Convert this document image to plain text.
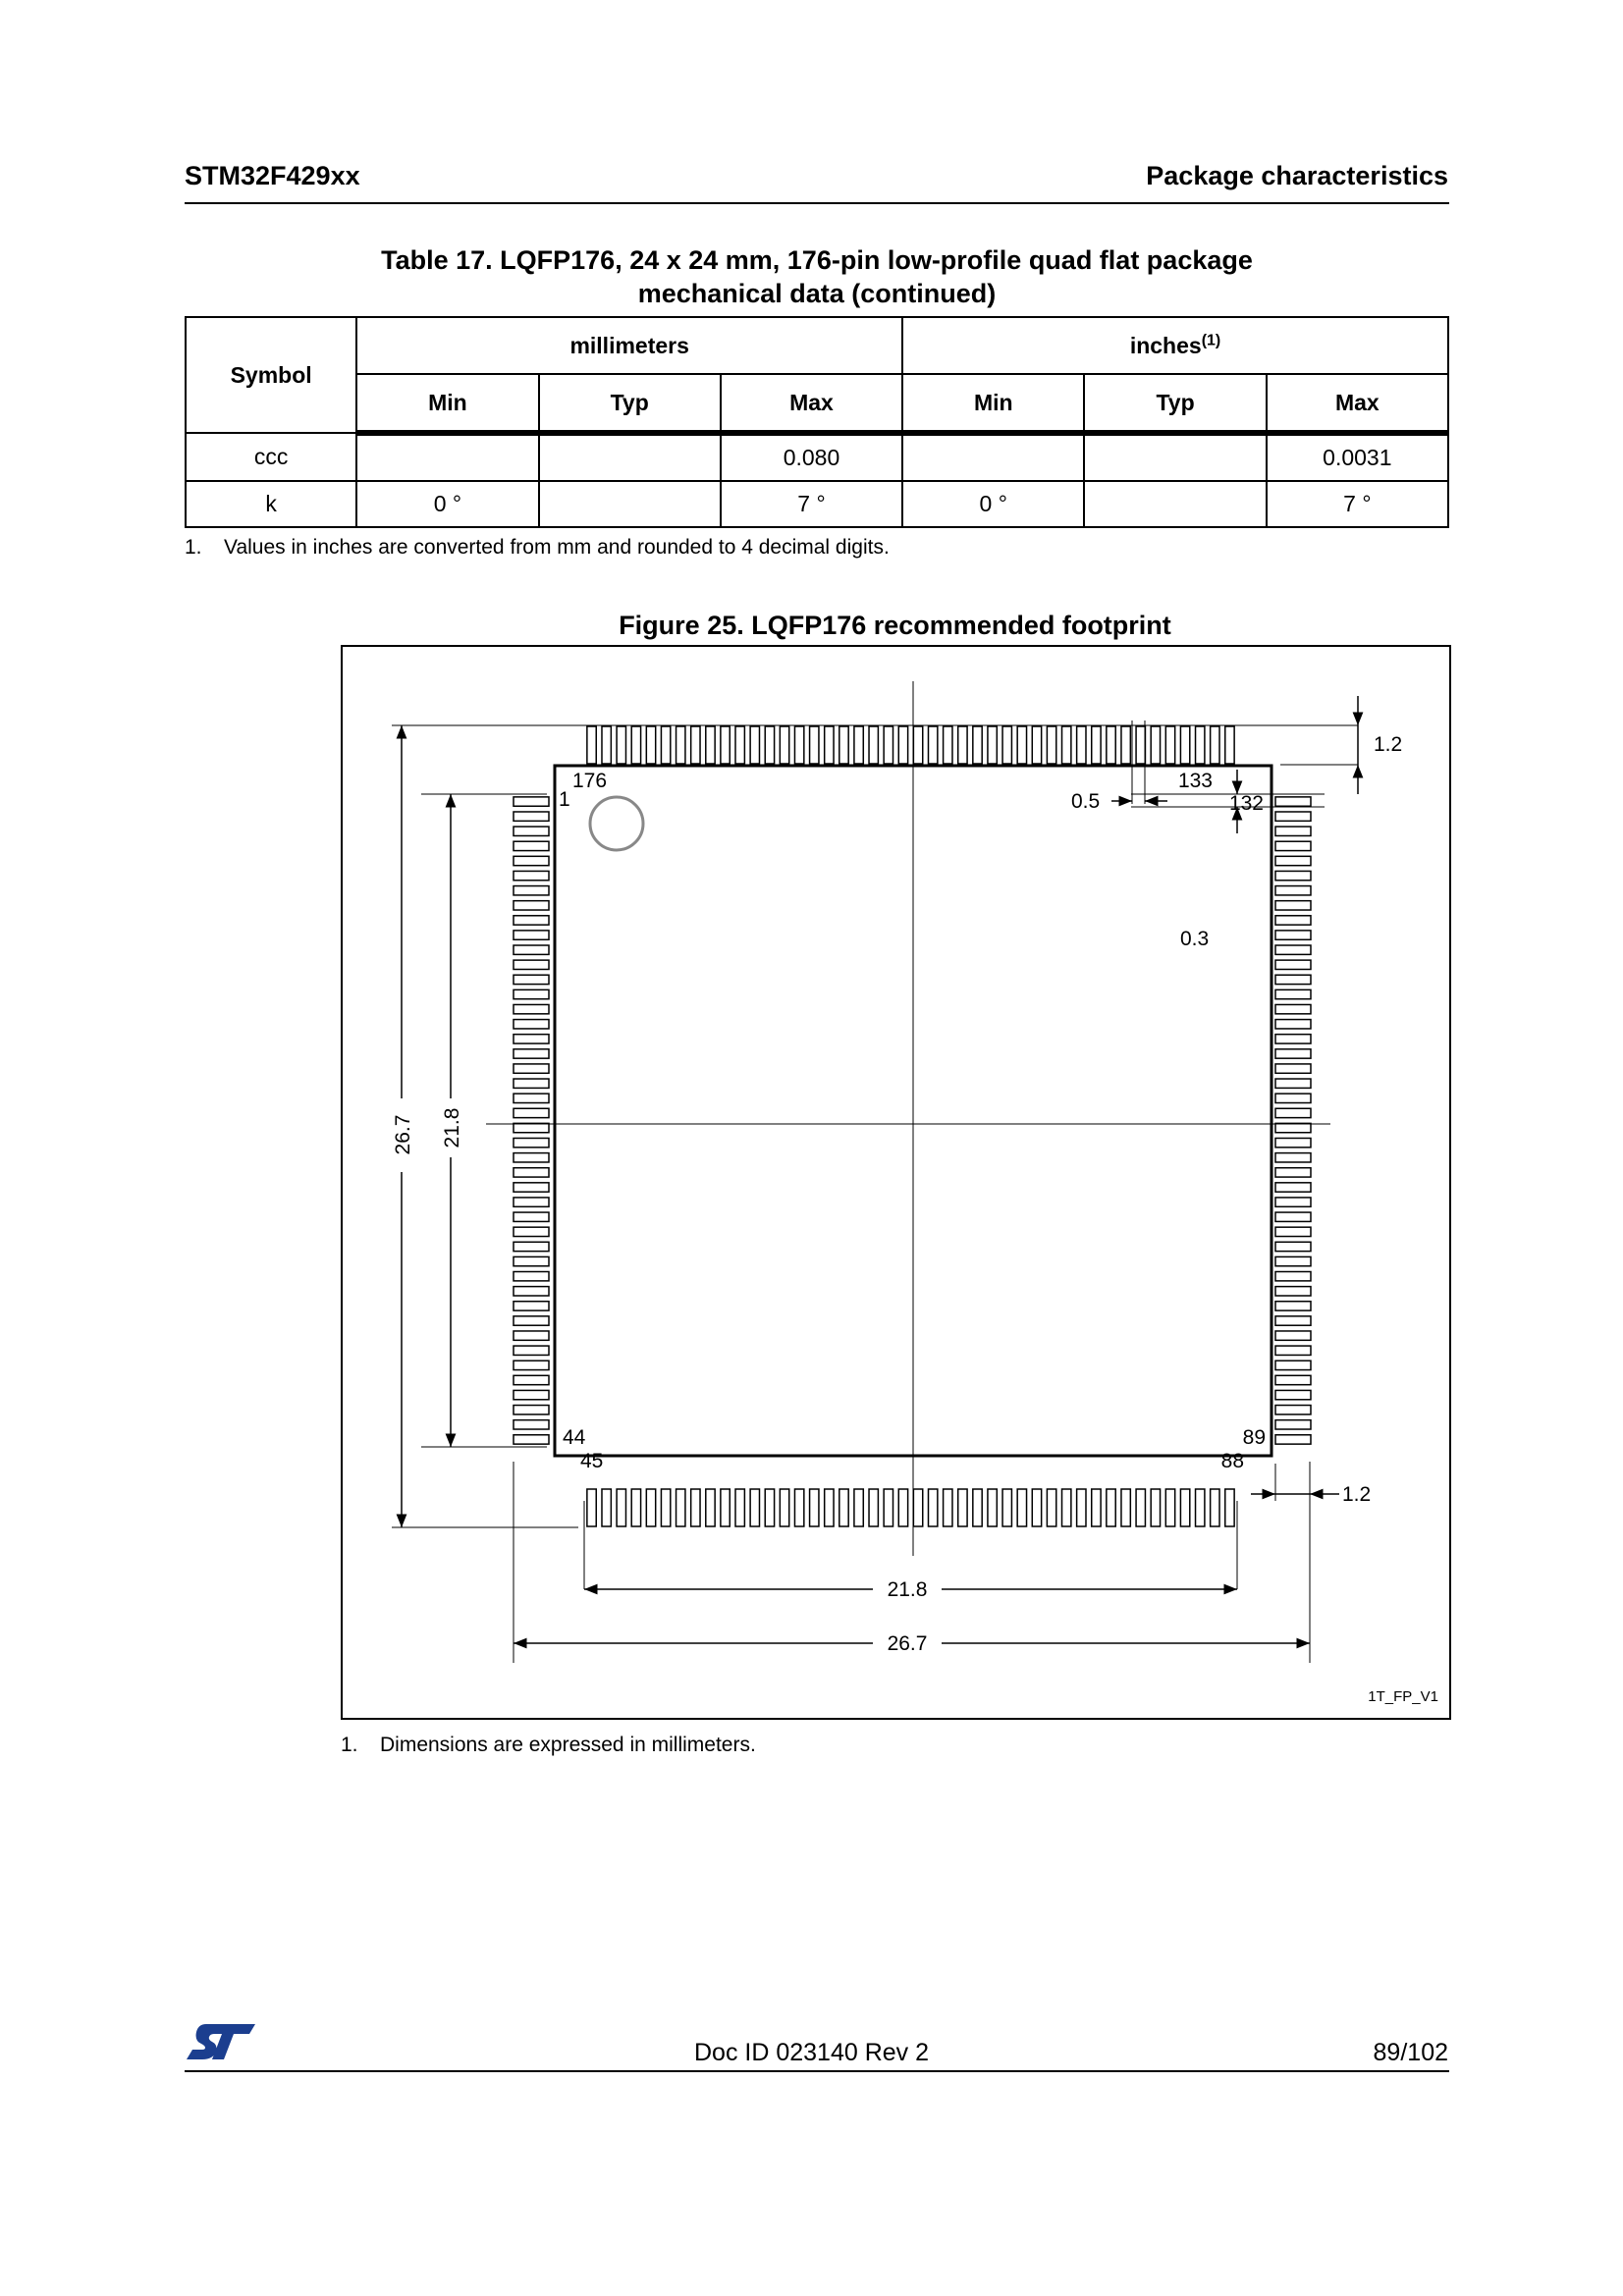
STM32F429xx	Package characteristics
Table 17. LQFP176, 24 x 24 mm, 176-pin low-profile quad flat package
mechanical data (continued)
Symbol	millimeters			inches$^{(1)}$
	Min	Typ	Max	Min	Typ	Max
ccc			0.080			0.0031
k	0 °		7 °	0 °		7 °
1. Values in inches are converted from mm and rounded to 4 decimal digits.
Figure 25. LQFP176 recommended footprint
1
176	133
132
44
45
89
88
1.2
0.5
0.3
1.2
21.8
26.7
26.7 21.8
1T_FP_V1
1. Dimensions are expressed in millimeters.
Doc ID 023140 Rev 2	89/102
